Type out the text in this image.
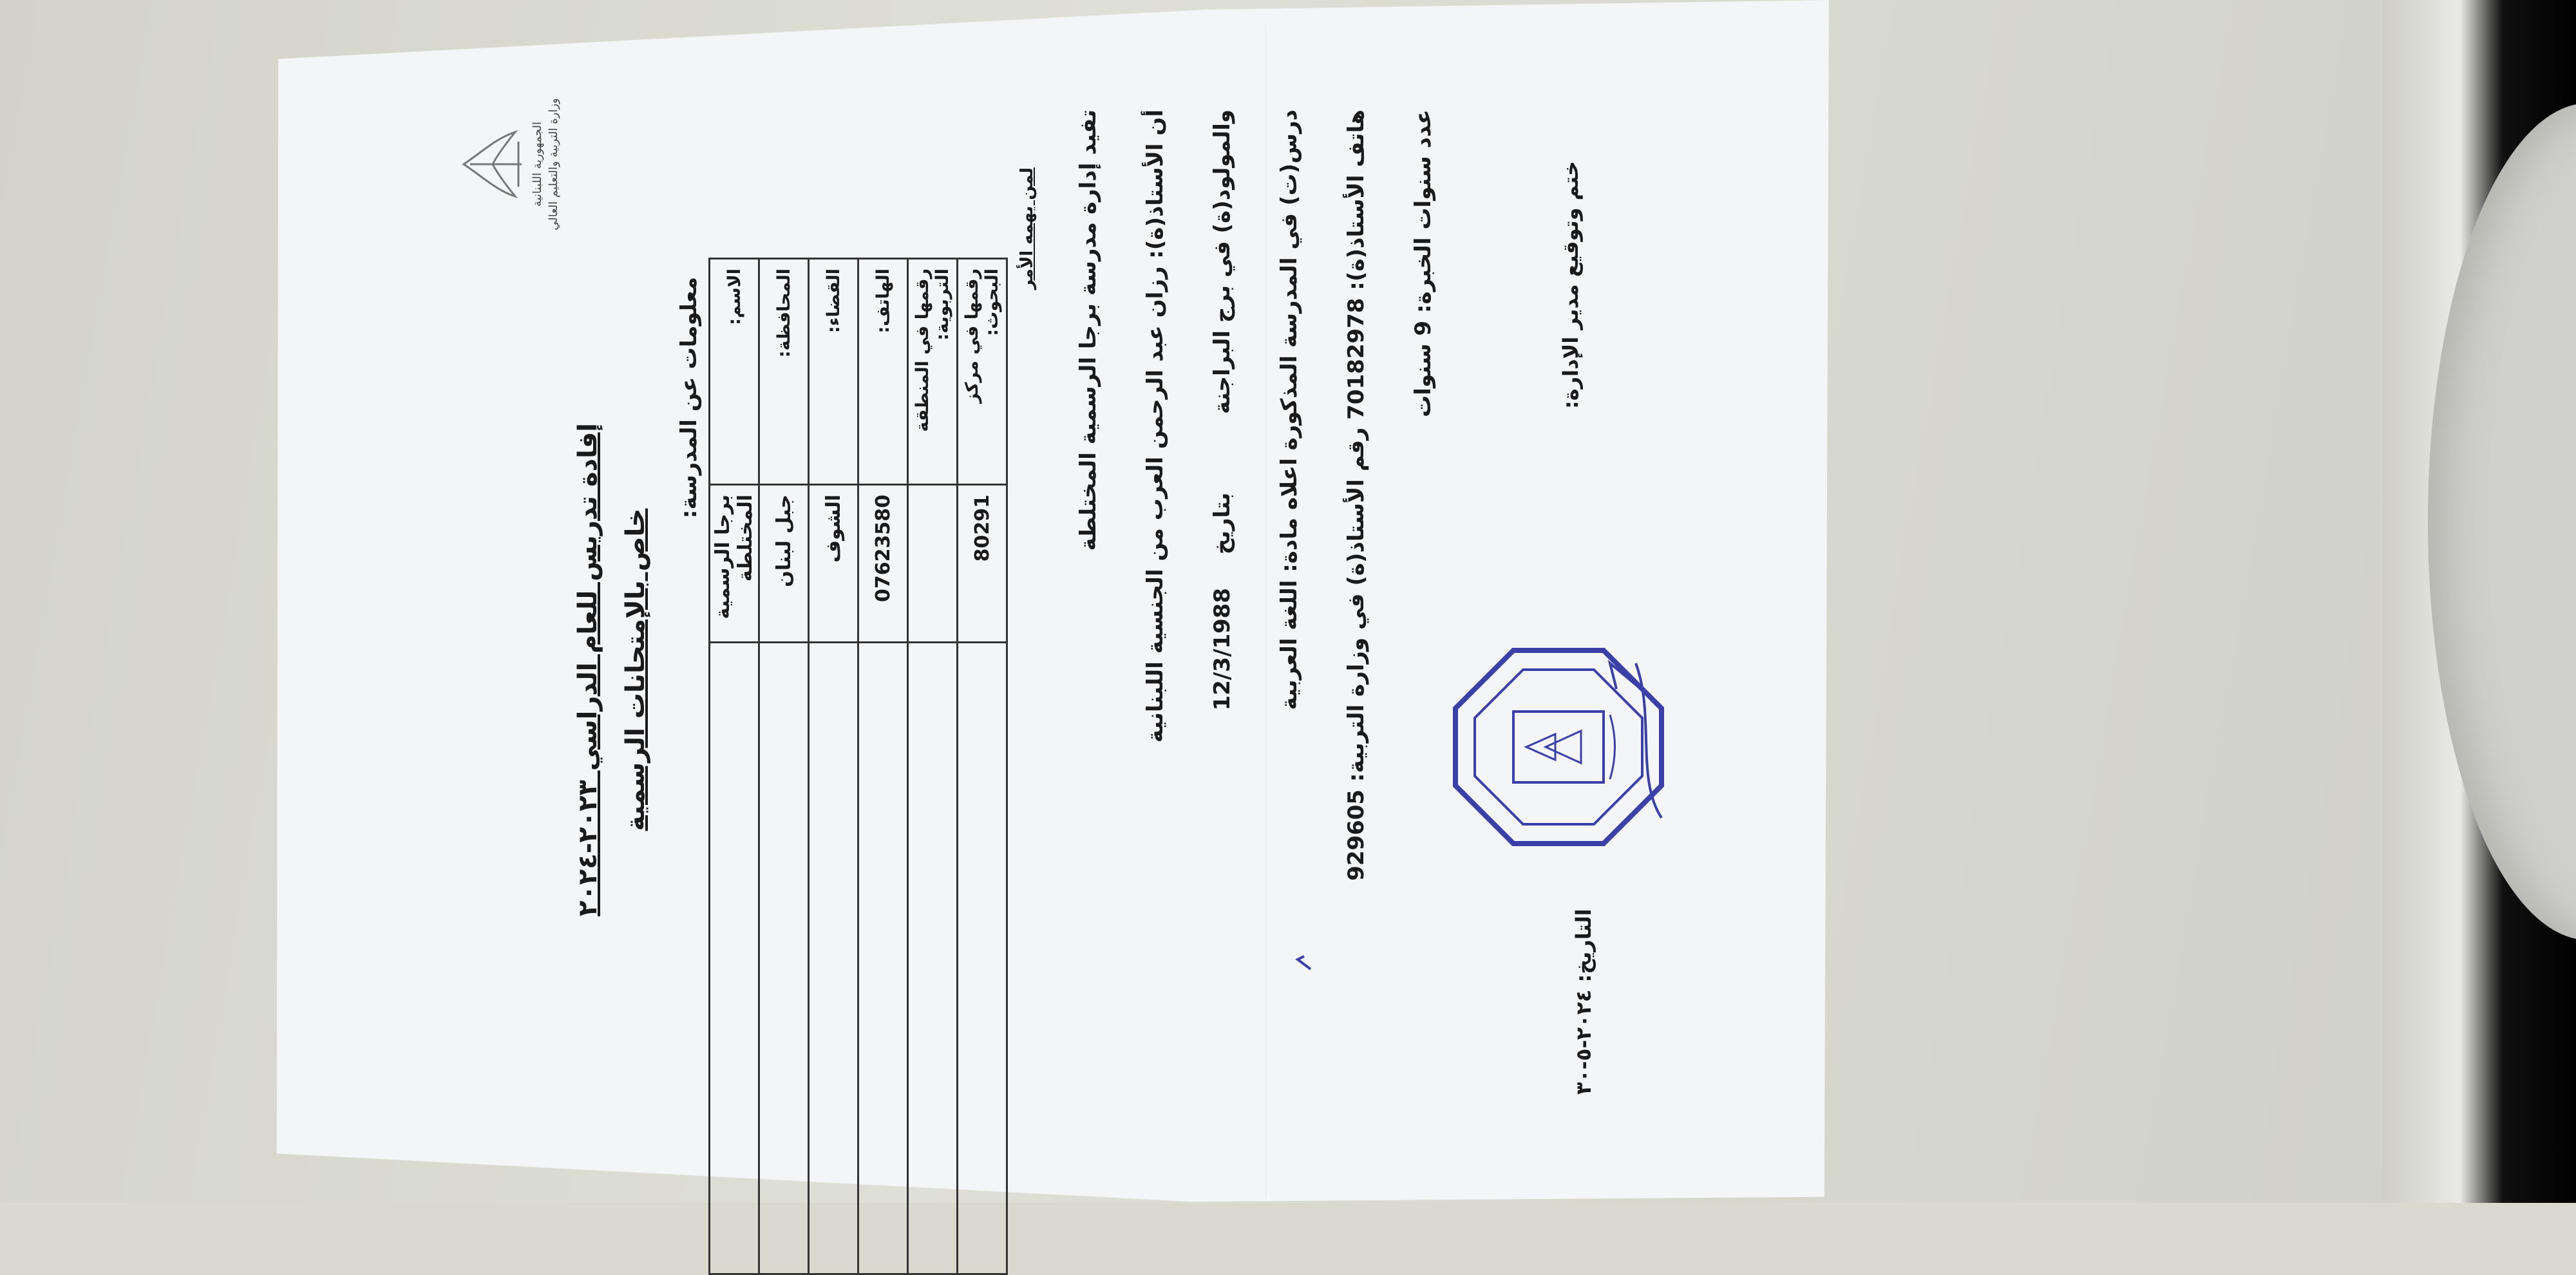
الجمهورية اللبنانية وزارة التربية والتعليم العالي
إفادة تدريس للعام الدراسي ٢٠٢٣-٢٠٢٤ خاص بالإمتحانات الرسمية
معلومات عن المدرسة: الاسم:	برجا الرسمية المختلطة	
المحافظة:	جبل لبنان	
القضاء:	الشوف	
الهاتف:	07623580	
رقمها في المنطقة التربوية:		
رقمها في مركز البحوث:	80291	
لمن يهمه الأمر تفيد إدارة مدرسة برجا الرسمية المختلطة	أن الأستاذ(ة): رزان عبد الرحمن العرب من الجنسية اللبنانية	والمولود(ة) في برج البراجنة بتاريخ 12/3/1988	درس(ت) في المدرسة المذكورة اعلاه مادة: اللغة العربية	هاتف الأستاذ(ة): 70182978 رقم الأستاذ(ة) في وزارة التربية: 929605
عدد سنوات الخبرة: 9 سنوات	ختم وتوقيع مدير الإدارة:
التاريخ: ٢٠٢٤-٥-٣٠
